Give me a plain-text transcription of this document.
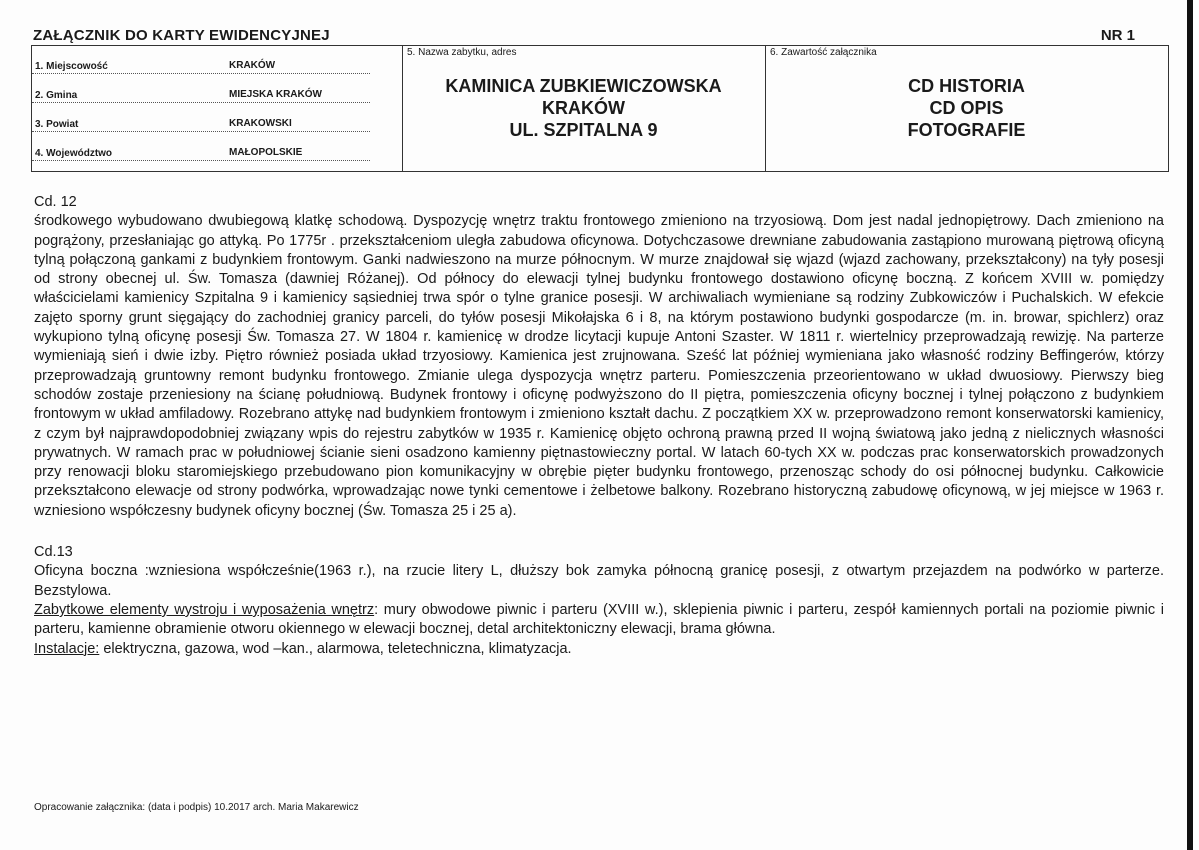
ZAŁĄCZNIK DO KARTY EWIDENCYJNEJ	NR 1
1. Miejscowość	KRAKÓW
2. Gmina	MIEJSKA KRAKÓW
3. Powiat	KRAKOWSKI
4. Województwo	MAŁOPOLSKIE
5. Nazwa zabytku, adres
KAMINICA ZUBKIEWICZOWSKA
KRAKÓW
UL. SZPITALNA 9
6. Zawartość załącznika
CD HISTORIA
CD OPIS
FOTOGRAFIE

Cd. 12

środkowego wybudowano dwubiegową klatkę schodową. Dyspozycję wnętrz traktu frontowego zmieniono na trzyosiową. Dom jest nadal jednopiętrowy. Dach zmieniono na pogrążony, przesłaniając go attyką. Po 1775r . przekształceniom uległa zabudowa oficynowa. Dotychczasowe drewniane zabudowania zastąpiono murowaną piętrową oficyną tylną połączoną gankami z budynkiem frontowym. Ganki nadwieszono na murze północnym. W murze znajdował się wjazd (wjazd zachowany, przekształcony) na tyły posesji od strony obecnej ul. Św. Tomasza (dawniej Różanej). Od północy do elewacji tylnej budynku frontowego dostawiono oficynę boczną. Z końcem XVIII w. pomiędzy właścicielami kamienicy Szpitalna 9 i kamienicy sąsiedniej trwa spór o tylne granice posesji. W archiwaliach wymieniane są rodziny Zubkowiczów i Puchalskich. W efekcie zajęto sporny grunt sięgający do zachodniej granicy parceli, do tyłów posesji Mikołajska 6 i 8, na którym postawiono budynki gospodarcze (m. in. browar, spichlerz) oraz wykupiono tylną oficynę posesji Św. Tomasza 27. W 1804 r. kamienicę w drodze licytacji kupuje Antoni Szaster. W 1811 r. wiertelnicy przeprowadzają rewizję. Na parterze wymieniają sień i dwie izby. Piętro również posiada układ trzyosiowy. Kamienica jest zrujnowana. Sześć lat później wymieniana jako własność rodziny Beffingerów, którzy przeprowadzają gruntowny remont budynku frontowego. Zmianie ulega dyspozycja wnętrz parteru. Pomieszczenia przeorientowano w układ dwuosiowy. Pierwszy bieg schodów zostaje przeniesiony na ścianę południową. Budynek frontowy i oficynę podwyższono do II piętra, pomieszczenia oficyny bocznej i tylnej połączono z budynkiem frontowym w układ amfiladowy. Rozebrano attykę nad budynkiem frontowym i zmieniono kształt dachu. Z początkiem XX w. przeprowadzono remont konserwatorski kamienicy, z czym był najprawdopodobniej związany wpis do rejestru zabytków w 1935 r. Kamienicę objęto ochroną prawną przed II wojną światową jako jedną z nielicznych własności prywatnych. W ramach prac w południowej ścianie sieni osadzono kamienny piętnastowieczny portal. W latach 60-tych XX w. podczas prac konserwatorskich prowadzonych przy renowacji bloku staromiejskiego przebudowano pion komunikacyjny w obrębie pięter budynku frontowego, przenosząc schody do osi północnej budynku. Całkowicie przekształcono elewacje od strony podwórka, wprowadzając nowe tynki cementowe i żelbetowe balkony. Rozebrano historyczną zabudowę oficynową, w jej miejsce w 1963 r. wzniesiono współczesny budynek oficyny bocznej (Św. Tomasza 25 i 25 a).

Cd.13

Oficyna boczna :wzniesiona współcześnie(1963 r.), na rzucie litery L, dłuższy bok zamyka północną granicę posesji, z otwartym przejazdem na podwórko w parterze. Bezstylowa.

Zabytkowe elementy wystroju i wyposażenia wnętrz: mury obwodowe piwnic i parteru (XVIII w.), sklepienia piwnic i parteru, zespół kamiennych portali na poziomie piwnic i parteru, kamienne obramienie otworu okiennego w elewacji bocznej, detal architektoniczny elewacji, brama główna.

Instalacje: elektryczna, gazowa, wod –kan., alarmowa, teletechniczna, klimatyzacja.

Opracowanie załącznika: (data i podpis) 10.2017 arch. Maria Makarewicz
